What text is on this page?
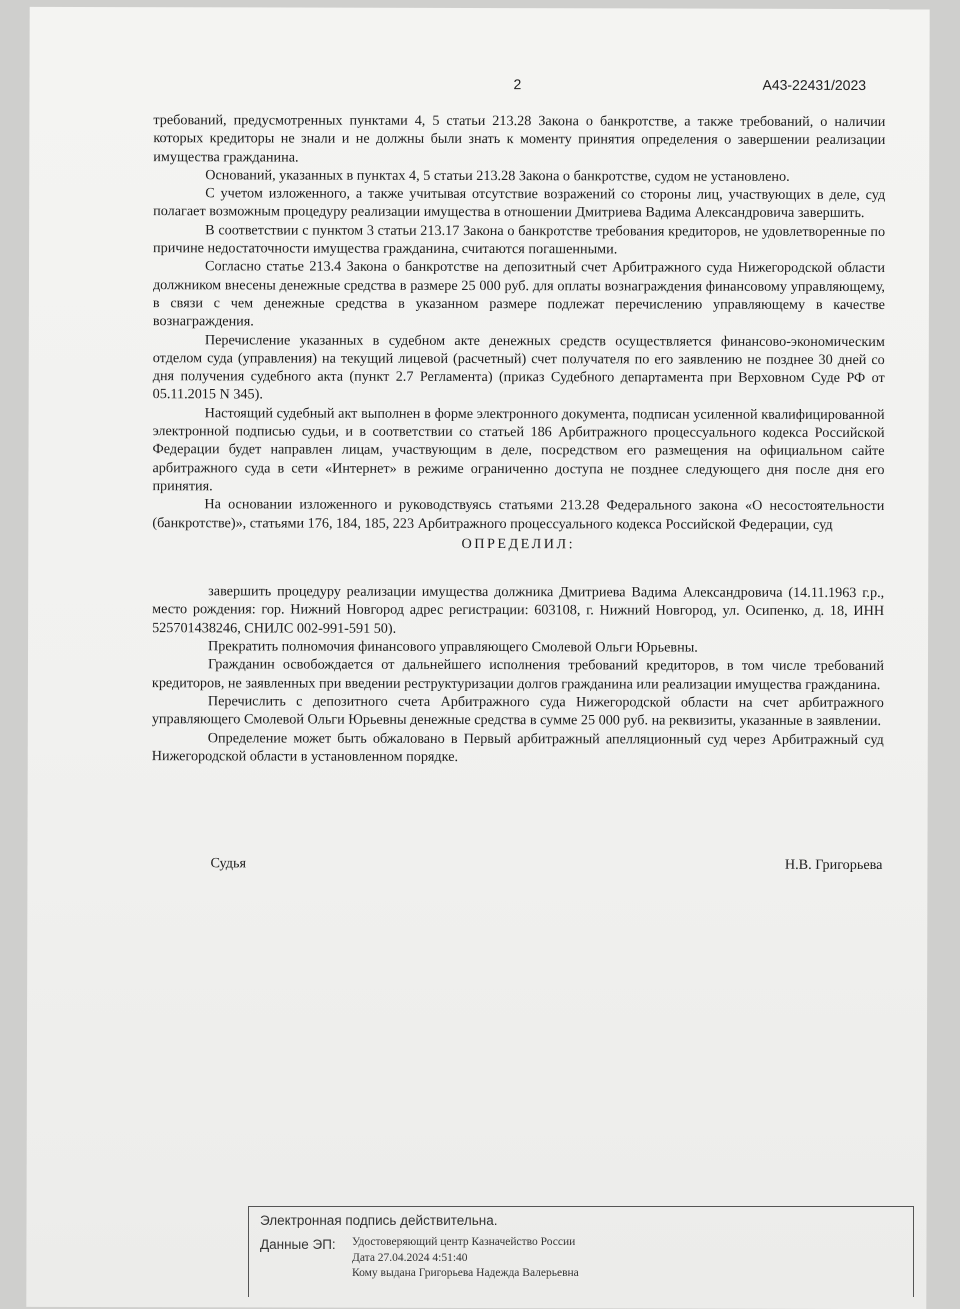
2	А43-22431/2023

требований, предусмотренных пунктами 4, 5 статьи 213.28 Закона о банкротстве, а также требований, о наличии которых кредиторы не знали и не должны были знать к моменту принятия определения о завершении реализации имущества гражданина.

Оснований, указанных в пунктах 4, 5 статьи 213.28 Закона о банкротстве, судом не установлено.

С учетом изложенного, а также учитывая отсутствие возражений со стороны лиц, участвующих в деле, суд полагает возможным процедуру реализации имущества в отношении Дмитриева Вадима Александровича завершить.

В соответствии с пунктом 3 статьи 213.17 Закона о банкротстве требования кредиторов, не удовлетворенные по причине недостаточности имущества гражданина, считаются погашенными.

Согласно статье 213.4 Закона о банкротстве на депозитный счет Арбитражного суда Нижегородской области должником внесены денежные средства в размере 25 000 руб. для оплаты вознаграждения финансовому управляющему, в связи с чем денежные средства в указанном размере подлежат перечислению управляющему в качестве вознаграждения.

Перечисление указанных в судебном акте денежных средств осуществляется финансово-экономическим отделом суда (управления) на текущий лицевой (расчетный) счет получателя по его заявлению не позднее 30 дней со дня получения судебного акта (пункт 2.7 Регламента) (приказ Судебного департамента при Верховном Суде РФ от 05.11.2015 N 345).

Настоящий судебный акт выполнен в форме электронного документа, подписан усиленной квалифицированной электронной подписью судьи, и в соответствии со статьей 186 Арбитражного процессуального кодекса Российской Федерации будет направлен лицам, участвующим в деле, посредством его размещения на официальном сайте арбитражного суда в сети «Интернет» в режиме ограниченно доступа не позднее следующего дня после дня его принятия.

На основании изложенного и руководствуясь статьями 213.28 Федерального закона «О несостоятельности (банкротстве)», статьями 176, 184, 185, 223 Арбитражного процессуального кодекса Российской Федерации, суд

ОПРЕДЕЛИЛ:

завершить процедуру реализации имущества должника Дмитриева Вадима Александровича (14.11.1963 г.р., место рождения: гор. Нижний Новгород адрес регистрации: 603108, г. Нижний Новгород, ул. Осипенко, д. 18, ИНН 525701438246, СНИЛС 002-991-591 50).

Прекратить полномочия финансового управляющего Смолевой Ольги Юрьевны.

Гражданин освобождается от дальнейшего исполнения требований кредиторов, в том числе требований кредиторов, не заявленных при введении реструктуризации долгов гражданина или реализации имущества гражданина.

Перечислить с депозитного счета Арбитражного суда Нижегородской области на счет арбитражного управляющего Смолевой Ольги Юрьевны денежные средства в сумме 25 000 руб. на реквизиты, указанные в заявлении.

Определение может быть обжаловано в Первый арбитражный апелляционный суд через Арбитражный суд Нижегородской области в установленном порядке.

Судья	Н.В. Григорьева
Электронная подпись действительна.
Данные ЭП: Удостоверяющий центр Казначейство России
Дата 27.04.2024 4:51:40
Кому выдана Григорьева Надежда Валерьевна
